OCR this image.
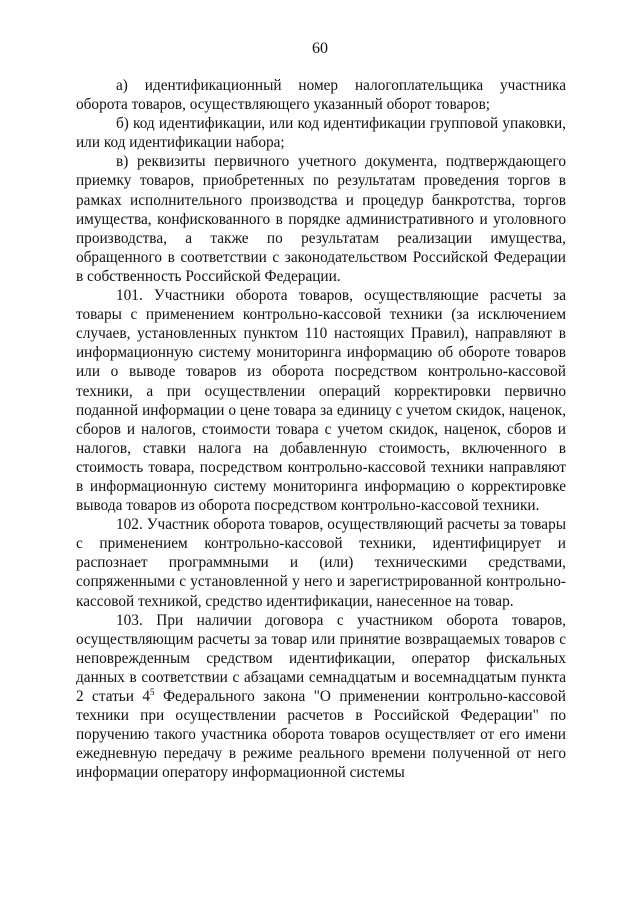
60

а) идентификационный номер налогоплательщика участника оборота товаров, осуществляющего указанный оборот товаров;

б) код идентификации, или код идентификации групповой упаковки, или код идентификации набора;

в) реквизиты первичного учетного документа, подтверждающего приемку товаров, приобретенных по результатам проведения торгов в рамках исполнительного производства и процедур банкротства, торгов имущества, конфискованного в порядке административного и уголовного производства, а также по результатам реализации имущества, обращенного в соответствии с законодательством Российской Федерации в собственность Российской Федерации.

101. Участники оборота товаров, осуществляющие расчеты за товары с применением контрольно-кассовой техники (за исключением случаев, установленных пунктом 110 настоящих Правил), направляют в информационную систему мониторинга информацию об обороте товаров или о выводе товаров из оборота посредством контрольно-кассовой техники, а при осуществлении операций корректировки первично поданной информации о цене товара за единицу с учетом скидок, наценок, сборов и налогов, стоимости товара с учетом скидок, наценок, сборов и налогов, ставки налога на добавленную стоимость, включенного в стоимость товара, посредством контрольно-кассовой техники направляют в информационную систему мониторинга информацию о корректировке вывода товаров из оборота посредством контрольно-кассовой техники.

102. Участник оборота товаров, осуществляющий расчеты за товары с применением контрольно-кассовой техники, идентифицирует и распознает программными и (или) техническими средствами, сопряженными с установленной у него и зарегистрированной контрольно-кассовой техникой, средство идентификации, нанесенное на товар.

103. При наличии договора с участником оборота товаров, осуществляющим расчеты за товар или принятие возвращаемых товаров с неповрежденным средством идентификации, оператор фискальных данных в соответствии с абзацами семнадцатым и восемнадцатым пункта 2 статьи $4^5$ Федерального закона "О применении контрольно-кассовой техники при осуществлении расчетов в Российской Федерации" по поручению такого участника оборота товаров осуществляет от его имени ежедневную передачу в режиме реального времени полученной от него информации оператору информационной системы
